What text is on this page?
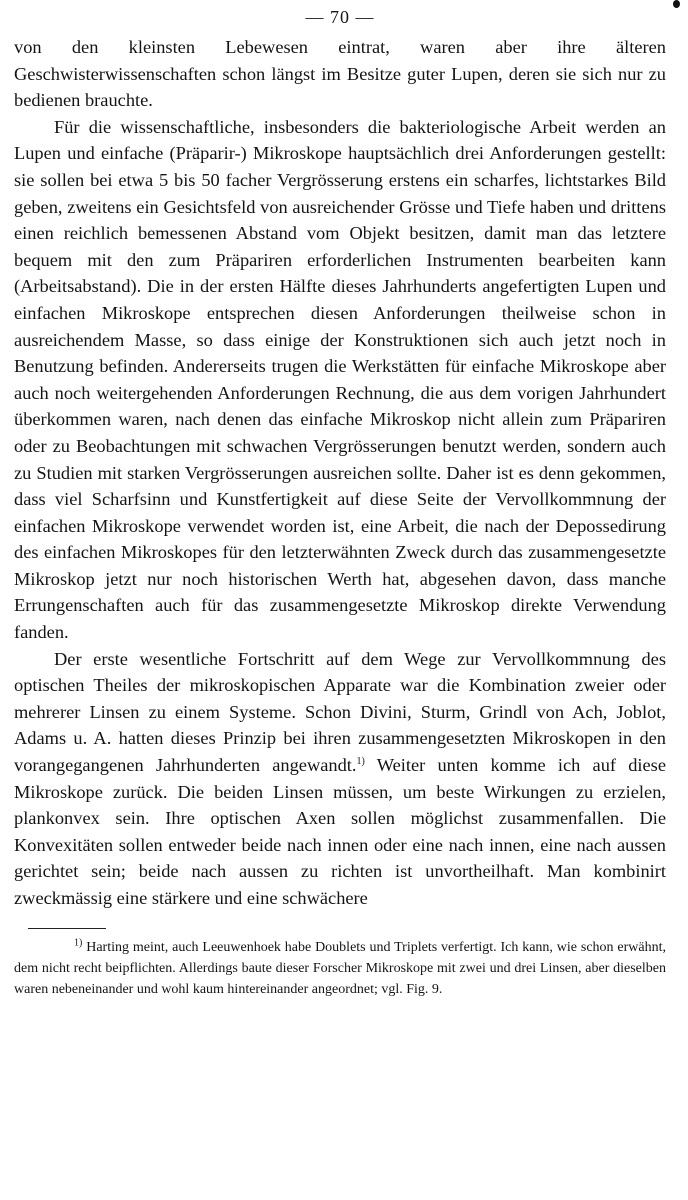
— 70 —

von den kleinsten Lebewesen eintrat, waren aber ihre älteren Geschwisterwissenschaften schon längst im Besitze guter Lupen, deren sie sich nur zu bedienen brauchte.

Für die wissenschaftliche, insbesonders die bakteriologische Arbeit werden an Lupen und einfache (Präparir-) Mikroskope hauptsächlich drei Anforderungen gestellt: sie sollen bei etwa 5 bis 50 facher Vergrösserung erstens ein scharfes, lichtstarkes Bild geben, zweitens ein Gesichtsfeld von ausreichender Grösse und Tiefe haben und drittens einen reichlich bemessenen Abstand vom Objekt besitzen, damit man das letztere bequem mit den zum Präpariren erforderlichen Instrumenten bearbeiten kann (Arbeitsabstand). Die in der ersten Hälfte dieses Jahrhunderts angefertigten Lupen und einfachen Mikroskope entsprechen diesen Anforderungen theilweise schon in ausreichendem Masse, so dass einige der Konstruktionen sich auch jetzt noch in Benutzung befinden. Andererseits trugen die Werkstätten für einfache Mikroskope aber auch noch weitergehenden Anforderungen Rechnung, die aus dem vorigen Jahrhundert überkommen waren, nach denen das einfache Mikroskop nicht allein zum Präpariren oder zu Beobachtungen mit schwachen Vergrösserungen benutzt werden, sondern auch zu Studien mit starken Vergrösserungen ausreichen sollte. Daher ist es denn gekommen, dass viel Scharfsinn und Kunstfertigkeit auf diese Seite der Vervollkommnung der einfachen Mikroskope verwendet worden ist, eine Arbeit, die nach der Depossedirung des einfachen Mikroskopes für den letzterwähnten Zweck durch das zusammengesetzte Mikroskop jetzt nur noch historischen Werth hat, abgesehen davon, dass manche Errungenschaften auch für das zusammengesetzte Mikroskop direkte Verwendung fanden.

Der erste wesentliche Fortschritt auf dem Wege zur Vervollkommnung des optischen Theiles der mikroskopischen Apparate war die Kombination zweier oder mehrerer Linsen zu einem Systeme. Schon Divini, Sturm, Grindl von Ach, Joblot, Adams u. A. hatten dieses Prinzip bei ihren zusammengesetzten Mikroskopen in den vorangegangenen Jahrhunderten angewandt.$^{1)}$ Weiter unten komme ich auf diese Mikroskope zurück. Die beiden Linsen müssen, um beste Wirkungen zu erzielen, plankonvex sein. Ihre optischen Axen sollen möglichst zusammenfallen. Die Konvexitäten sollen entweder beide nach innen oder eine nach innen, eine nach aussen gerichtet sein; beide nach aussen zu richten ist unvortheilhaft. Man kombinirt zweckmässig eine stärkere und eine schwächere

$^{1)}$ Harting meint, auch Leeuwenhoek habe Doublets und Triplets verfertigt. Ich kann, wie schon erwähnt, dem nicht recht beipflichten. Allerdings baute dieser Forscher Mikroskope mit zwei und drei Linsen, aber dieselben waren nebeneinander und wohl kaum hintereinander angeordnet; vgl. Fig. 9.
